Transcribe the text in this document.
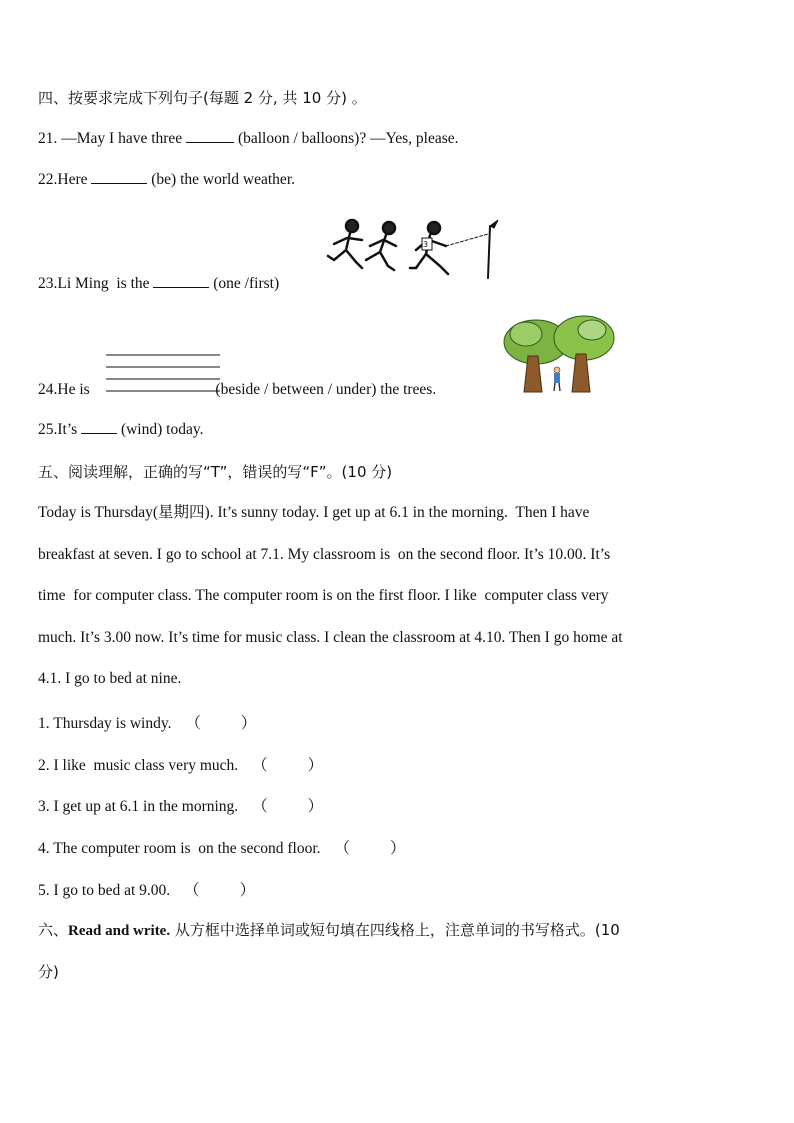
四、按要求完成下列句子(每题 2 分, 共 10 分) 。
21. —May I have three	(balloon / balloons)? —Yes, please.
22.Here	(be) the world weather.
3
23.Li Ming  is the	(one /first)
24.He is	(beside / between / under) the trees.
25.It’s	(wind) today.
五、阅读理解，正确的写“T”，错误的写“F”。(10 分)
Today is Thursday(星期四). It’s sunny today. I get up at 6.1 in the morning.  Then I have
breakfast at seven. I go to school at 7.1. My classroom is  on the second floor. It’s 10.00. It’s
time  for computer class. The computer room is on the first floor. I like  computer class very
much. It’s 3.00 now. It’s time for music class. I clean the classroom at 4.10. Then I go home at
4.1. I go to bed at nine.
1. Thursday is windy. （	）
2. I like  music class very much. （	）
3. I get up at 6.1 in the morning. （	）
4. The computer room is  on the second floor. （	）
5. I go to bed at 9.00. （	）
六、Read and write. 从方框中选择单词或短句填在四线格上，注意单词的书写格式。(10
分)
